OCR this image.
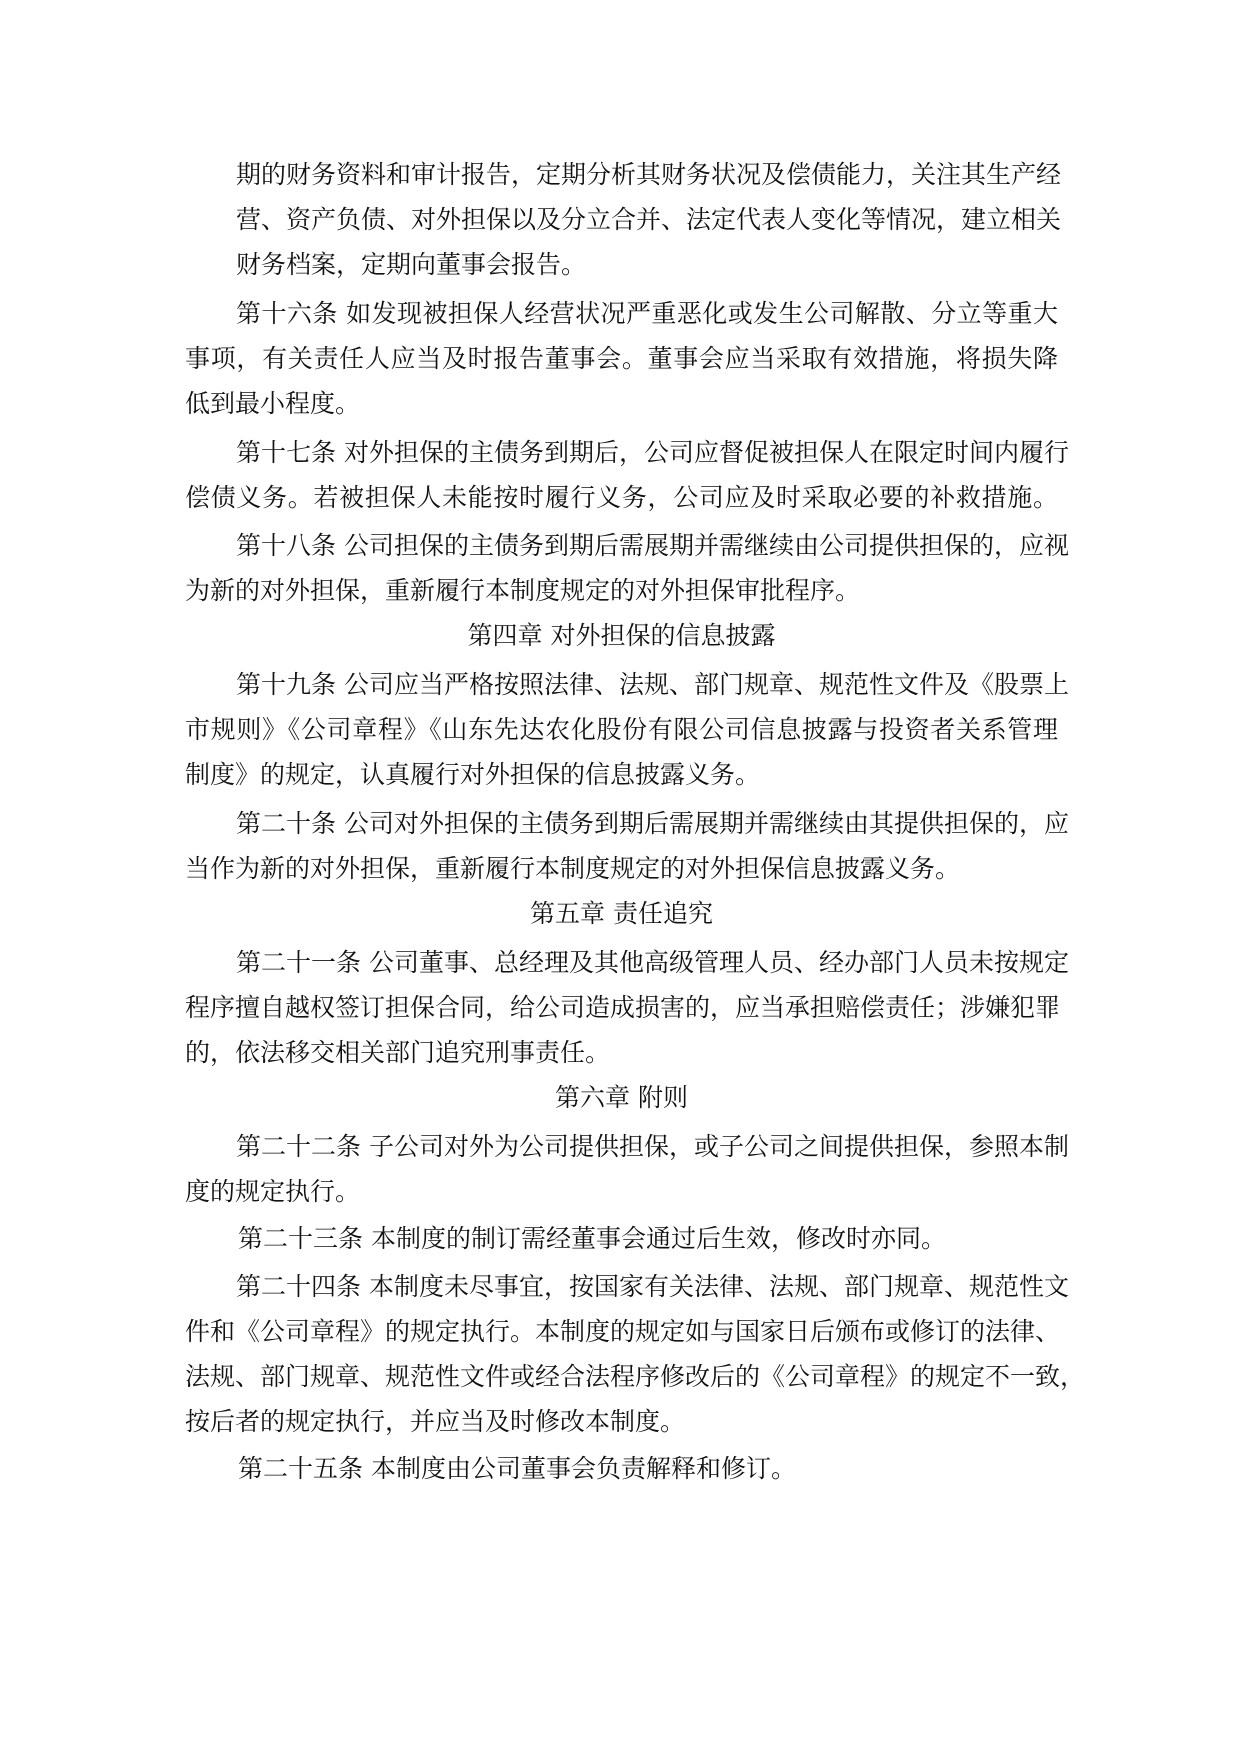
期的财务资料和审计报告，定期分析其财务状况及偿债能力，关注其生产经

营、资产负债、对外担保以及分立合并、法定代表人变化等情况，建立相关

财务档案，定期向董事会报告。

第十六条 如发现被担保人经营状况严重恶化或发生公司解散、分立等重大

事项，有关责任人应当及时报告董事会。董事会应当采取有效措施，将损失降

低到最小程度。

第十七条 对外担保的主债务到期后，公司应督促被担保人在限定时间内履行

偿债义务。若被担保人未能按时履行义务，公司应及时采取必要的补救措施。

第十八条 公司担保的主债务到期后需展期并需继续由公司提供担保的，应视

为新的对外担保，重新履行本制度规定的对外担保审批程序。

第四章 对外担保的信息披露

第十九条 公司应当严格按照法律、法规、部门规章、规范性文件及《股票上

市规则》《公司章程》《山东先达农化股份有限公司信息披露与投资者关系管理

制度》的规定，认真履行对外担保的信息披露义务。

第二十条 公司对外担保的主债务到期后需展期并需继续由其提供担保的，应

当作为新的对外担保，重新履行本制度规定的对外担保信息披露义务。

第五章 责任追究

第二十一条 公司董事、总经理及其他高级管理人员、经办部门人员未按规定

程序擅自越权签订担保合同，给公司造成损害的，应当承担赔偿责任；涉嫌犯罪

的，依法移交相关部门追究刑事责任。

第六章 附则

第二十二条 子公司对外为公司提供担保，或子公司之间提供担保，参照本制

度的规定执行。

第二十三条 本制度的制订需经董事会通过后生效，修改时亦同。

第二十四条 本制度未尽事宜，按国家有关法律、法规、部门规章、规范性文

件和《公司章程》的规定执行。本制度的规定如与国家日后颁布或修订的法律、

法规、部门规章、规范性文件或经合法程序修改后的《公司章程》的规定不一致，

按后者的规定执行，并应当及时修改本制度。

第二十五条 本制度由公司董事会负责解释和修订。
